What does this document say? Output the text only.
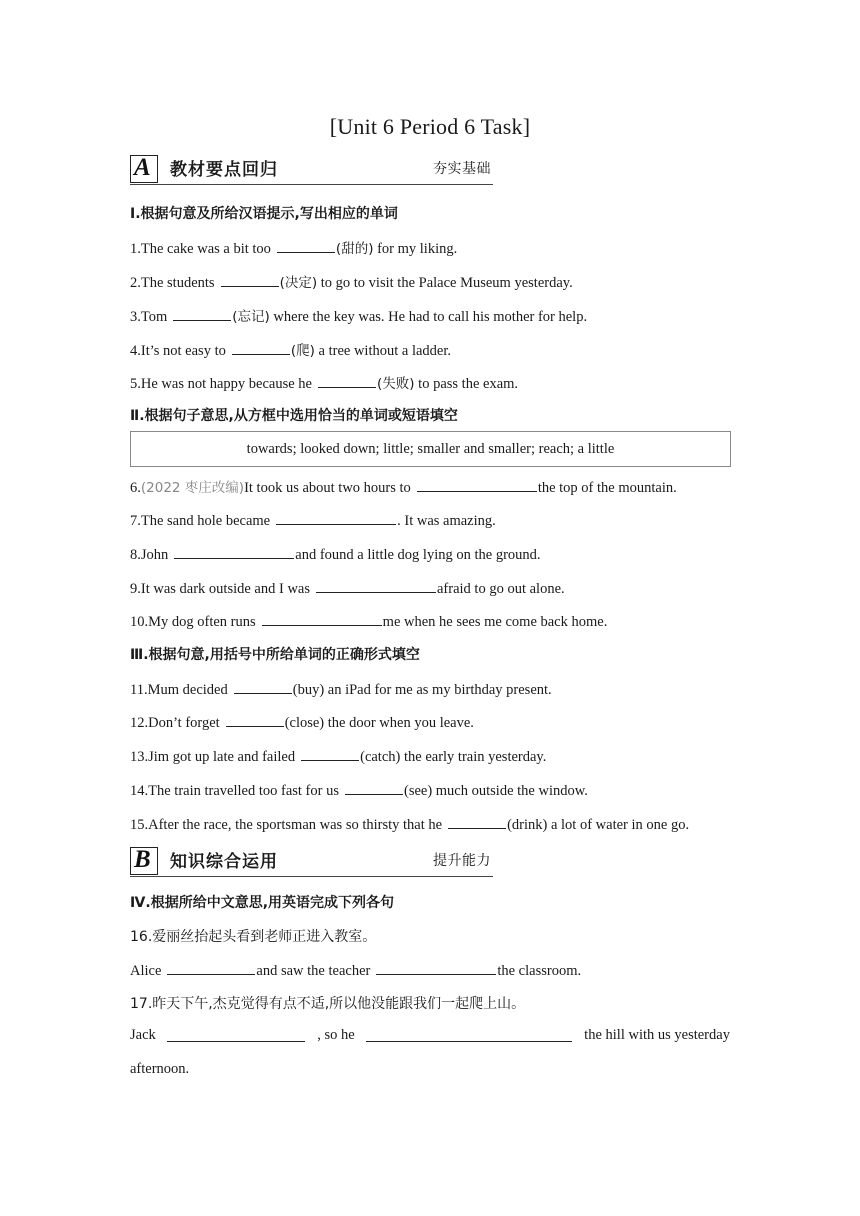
[Unit 6 Period 6 Task]
A 教材要点回归	夯实基础
Ⅰ.根据句意及所给汉语提示,写出相应的单词
1.The cake was a bit too	(甜的) for my liking.
2.The students	(决定) to go to visit the Palace Museum yesterday.
3.Tom	(忘记) where the key was. He had to call his mother for help.
4.It’s not easy to	(爬) a tree without a ladder.
5.He was not happy because he	(失败) to pass the exam.
Ⅱ.根据句子意思,从方框中选用恰当的单词或短语填空
towards; looked down; little; smaller and smaller; reach; a little
6.(2022 枣庄改编)It took us about two hours to	the top of the mountain.
7.The sand hole became	. It was amazing.
8.John	and found a little dog lying on the ground.
9.It was dark outside and I was	afraid to go out alone.
10.My dog often runs	me when he sees me come back home.
Ⅲ.根据句意,用括号中所给单词的正确形式填空
11.Mum decided	(buy) an iPad for me as my birthday present.
12.Don’t forget	(close) the door when you leave.
13.Jim got up late and failed	(catch) the early train yesterday.
14.The train travelled too fast for us	(see) much outside the window.
15.After the race, the sportsman was so thirsty that he	(drink) a lot of water in one go.
B 知识综合运用	提升能力
Ⅳ.根据所给中文意思,用英语完成下列各句
16.爱丽丝抬起头看到老师正进入教室。
Alice	and saw the teacher	the classroom.
17.昨天下午,杰克觉得有点不适,所以他没能跟我们一起爬上山。
Jack	, so he	the hill with us yesterday
afternoon.
